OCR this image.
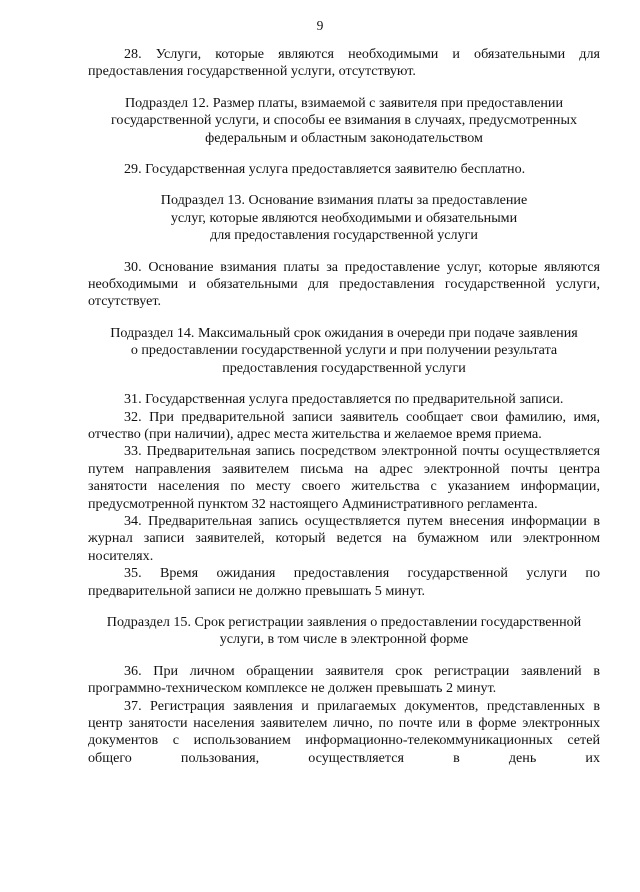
9

28. Услуги, которые являются необходимыми и обязательными для предоставления государственной услуги, отсутствуют.

Подраздел 12. Размер платы, взимаемой с заявителя при предоставлении

государственной услуги, и способы ее взимания в случаях, предусмотренных

федеральным и областным законодательством

29. Государственная услуга предоставляется заявителю бесплатно.

Подраздел 13. Основание взимания платы за предоставление

услуг, которые являются необходимыми и обязательными

для предоставления государственной услуги

30. Основание взимания платы за предоставление услуг, которые являются необходимыми и обязательными для предоставления государственной услуги, отсутствует.

Подраздел 14. Максимальный срок ожидания в очереди при подаче заявления

о предоставлении государственной услуги и при получении результата

предоставления государственной услуги

31. Государственная услуга предоставляется по предварительной записи.

32. При предварительной записи заявитель сообщает свои фамилию, имя, отчество (при наличии), адрес места жительства и желаемое время приема.

33. Предварительная запись посредством электронной почты осуществляется путем направления заявителем письма на адрес электронной почты центра занятости населения по месту своего жительства с указанием информации, предусмотренной пунктом 32 настоящего Административного регламента.

34. Предварительная запись осуществляется путем внесения информации в журнал записи заявителей, который ведется на бумажном или электронном носителях.

35. Время ожидания предоставления государственной услуги по предварительной записи не должно превышать 5 минут.

Подраздел 15. Срок регистрации заявления о предоставлении государственной

услуги, в том числе в электронной форме

36. При личном обращении заявителя срок регистрации заявлений в программно-техническом комплексе не должен превышать 2 минут.

37. Регистрация заявления и прилагаемых документов, представленных в центр занятости населения заявителем лично, по почте или в форме электронных документов с использованием информационно-телекоммуникационных сетей общего пользования, осуществляется в день их
